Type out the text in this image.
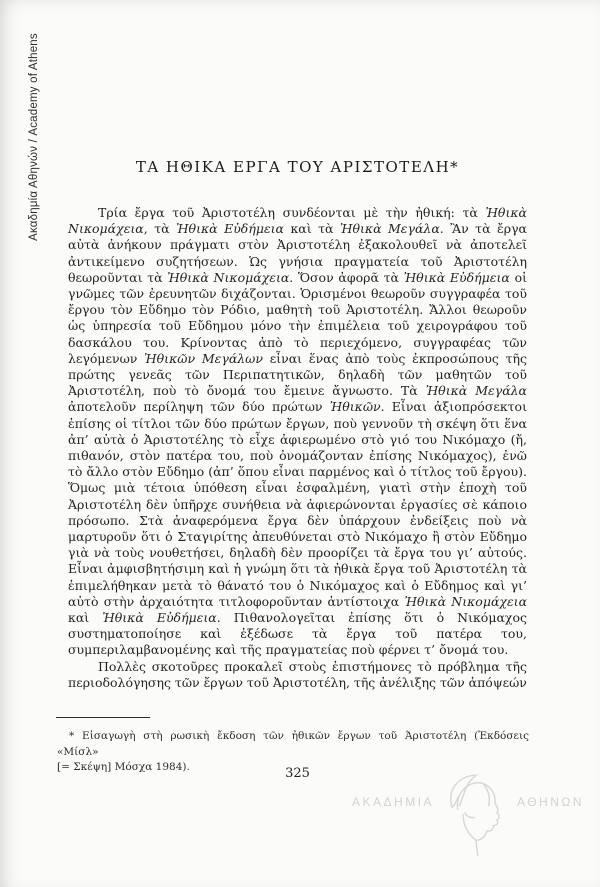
Ακαδημία Αθηνών / Academy of Athens	ΤΑ ΗΘΙΚΑ ΕΡΓΑ ΤΟΥ ΑΡΙΣΤΟΤΕΛΗ*

Τρία ἔργα τοῦ Ἀριστοτέλη συνδέονται μὲ τὴν ἠθική: τὰ Ἠθικὰ Νικομάχεια, τὰ Ἠθικὰ Εὐδήμεια καὶ τὰ Ἠθικὰ Μεγάλα. Ἂν τὰ ἔργα αὐτὰ ἀνήκουν πράγματι στὸν Ἀριστοτέλη ἐξακολουθεῖ νὰ ἀποτελεῖ ἀντικείμενο συζητήσεων. Ὡς γνήσια πραγματεία τοῦ Ἀριστοτέλη θεωροῦνται τὰ Ἠθικὰ Νικομάχεια. Ὅσον ἀφορᾶ τὰ Ἠθικὰ Εὐδήμεια οἱ γνῶμες τῶν ἐρευνητῶν διχάζονται. Ὁρισμένοι θεωροῦν συγγραφέα τοῦ ἔργου τὸν Εὔδημο τὸν Ρόδιο, μαθητὴ τοῦ Ἀριστοτέλη. Ἄλλοι θεωροῦν ὡς ὑπηρεσία τοῦ Εὔδημου μόνο τὴν ἐπιμέλεια τοῦ χειρογράφου τοῦ δασκάλου του. Κρίνοντας ἀπὸ τὸ περιεχόμενο, συγγραφέας τῶν λεγόμενων Ἠθικῶν Μεγάλων εἶναι ἕνας ἀπὸ τοὺς ἐκπροσώπους τῆς πρώτης γενεᾶς τῶν Περιπατητικῶν, δηλαδὴ τῶν μαθητῶν τοῦ Ἀριστοτέλη, ποὺ τὸ ὄνομά του ἔμεινε ἄγνωστο. Τὰ Ἠθικὰ Μεγάλα ἀποτελοῦν περίληψη τῶν δύο πρώτων Ἠθικῶν. Εἶναι ἀξιοπρόσεκτοι ἐπίσης οἱ τίτλοι τῶν δύο πρώτων ἔργων, ποὺ γεννοῦν τὴ σκέψη ὅτι ἕνα ἀπ’ αὐτὰ ὁ Ἀριστοτέλης τὸ εἶχε ἀφιερωμένο στὸ γιό του Νικόμαχο (ἤ, πιθανόν, στὸν πατέρα του, ποὺ ὀνομάζονταν ἐπίσης Νικόμαχος), ἐνῶ τὸ ἄλλο στὸν Εὔδημο (ἀπ’ ὅπου εἶναι παρμένος καὶ ὁ τίτλος τοῦ ἔργου). Ὅμως μιὰ τέτοια ὑπόθεση εἶναι ἐσφαλμένη, γιατὶ στὴν ἐποχὴ τοῦ Ἀριστοτέλη δὲν ὑπῆρχε συνήθεια νὰ ἀφιερώνονται ἐργασίες σὲ κάποιο πρόσωπο. Στὰ ἀναφερόμενα ἔργα δὲν ὑπάρχουν ἐνδείξεις ποὺ νὰ μαρτυροῦν ὅτι ὁ Σταγιρίτης ἀπευθύνεται στὸ Νικόμαχο ἢ στὸν Εὔδημο γιὰ νὰ τοὺς νουθετήσει, δηλαδὴ δὲν προορίζει τὰ ἔργα του γι’ αὐτούς. Εἶναι ἀμφισβητήσιμη καὶ ἡ γνώμη ὅτι τὰ ἠθικὰ ἔργα τοῦ Ἀριστοτέλη τὰ ἐπιμελήθηκαν μετὰ τὸ θάνατό του ὁ Νικόμαχος καὶ ὁ Εὔδημος καὶ γι’ αὐτὸ στὴν ἀρχαιότητα τιτλοφοροῦνταν ἀντίστοιχα Ἠθικὰ Νικομάχεια καὶ Ἠθικὰ Εὐδήμεια. Πιθανολογεῖται ἐπίσης ὅτι ὁ Νικόμαχος συστηματοποίησε καὶ ἐξέδωσε τὰ ἔργα τοῦ πατέρα του, συμπεριλαμβανομένης καὶ τῆς πραγματείας ποὺ φέρνει τ’ ὄνομά του.

Πολλὲς σκοτοῦρες προκαλεῖ στοὺς ἐπιστήμονες τὸ πρόβλημα τῆς περιοδολόγησης τῶν ἔργων τοῦ Ἀριστοτέλη, τῆς ἀνέλιξης τῶν ἀπόψεών

* Εἰσαγωγὴ στὴ ρωσικὴ ἔκδοση τῶν ἠθικῶν ἔργων τοῦ Ἀριστοτέλη (Ἐκδόσεις «Μίσλ»
[= Σκέψη] Μόσχα 1984).	325
ΑΚΑΔΗΜΙΑ	ΑΘΗΝΩΝ
